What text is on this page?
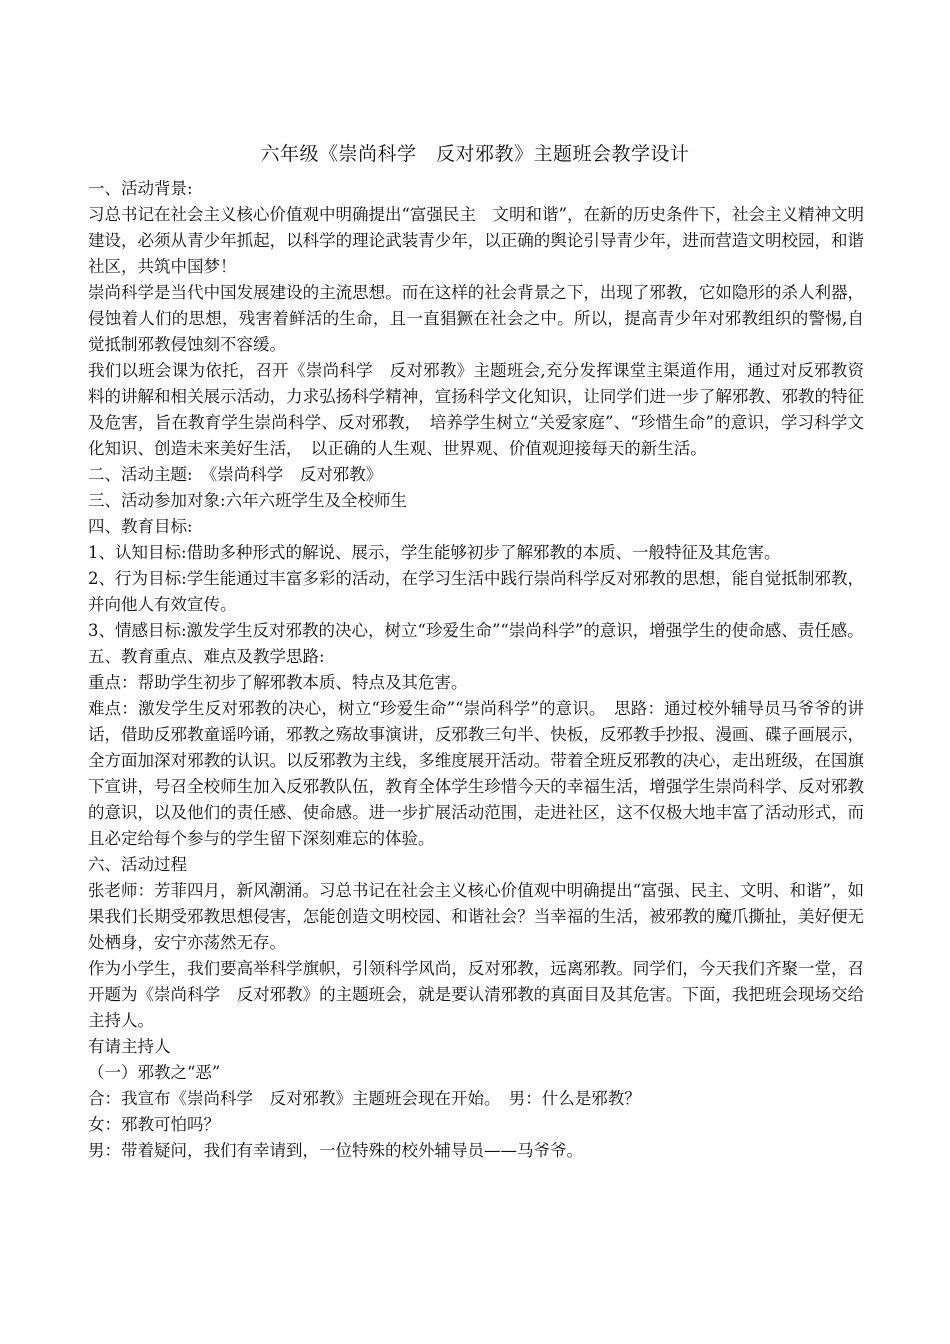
六年级《崇尚科学　反对邪教》主题班会教学设计

一、活动背景:

习总书记在社会主义核心价值观中明确提出“富强民主　文明和谐”，在新的历史条件下，社会主义精神文明建设，必须从青少年抓起，以科学的理论武装青少年，以正确的舆论引导青少年，进而营造文明校园，和谐社区，共筑中国梦！

崇尚科学是当代中国发展建设的主流思想。而在这样的社会背景之下，出现了邪教，它如隐形的杀人利器，侵蚀着人们的思想，残害着鲜活的生命，且一直猖獗在社会之中。所以，提高青少年对邪教组织的警惕,自觉抵制邪教侵蚀刻不容缓。

我们以班会课为依托，召开《崇尚科学　反对邪教》主题班会,充分发挥课堂主渠道作用，通过对反邪教资料的讲解和相关展示活动，力求弘扬科学精神，宣扬科学文化知识，让同学们进一步了解邪教、邪教的特征及危害，旨在教育学生崇尚科学、反对邪教，　培养学生树立“关爱家庭”、“珍惜生命”的意识，学习科学文化知识、创造未来美好生活，　以正确的人生观、世界观、价值观迎接每天的新生活。

二、活动主题:　《崇尚科学　反对邪教》

三、活动参加对象:六年六班学生及全校师生

四、教育目标:

1、认知目标:借助多种形式的解说、展示，学生能够初步了解邪教的本质、一般特征及其危害。

2、行为目标:学生能通过丰富多彩的活动，在学习生活中践行崇尚科学反对邪教的思想，能自觉抵制邪教，并向他人有效宣传。

3、情感目标:激发学生反对邪教的决心，树立“珍爱生命”“崇尚科学”的意识，增强学生的使命感、责任感。

五、教育重点、难点及教学思路:

重点：帮助学生初步了解邪教本质、特点及其危害。

难点：激发学生反对邪教的决心，树立“珍爱生命”“崇尚科学”的意识。　思路：通过校外辅导员马爷爷的讲话，借助反邪教童谣吟诵，邪教之殇故事演讲，反邪教三句半、快板，反邪教手抄报、漫画、碟子画展示，全方面加深对邪教的认识。以反邪教为主线，多维度展开活动。带着全班反邪教的决心，走出班级，在国旗下宣讲，号召全校师生加入反邪教队伍，教育全体学生珍惜今天的幸福生活，增强学生崇尚科学、反对邪教的意识，以及他们的责任感、使命感。进一步扩展活动范围，走进社区，这不仅极大地丰富了活动形式，而且必定给每个参与的学生留下深刻难忘的体验。

六、活动过程

张老师：芳菲四月，新风潮涌。习总书记在社会主义核心价值观中明确提出“富强、民主、文明、和谐”，如果我们长期受邪教思想侵害，怎能创造文明校园、和谐社会？当幸福的生活，被邪教的魔爪撕扯，美好便无处栖身，安宁亦荡然无存。

作为小学生，我们要高举科学旗帜，引领科学风尚，反对邪教，远离邪教。同学们，今天我们齐聚一堂，召开题为《崇尚科学　反对邪教》的主题班会，就是要认清邪教的真面目及其危害。下面，我把班会现场交给主持人。

有请主持人

（一）邪教之“恶”

合：我宣布《崇尚科学　反对邪教》主题班会现在开始。　男：什么是邪教？

女：邪教可怕吗？

男：带着疑问，我们有幸请到，一位特殊的校外辅导员——马爷爷。
